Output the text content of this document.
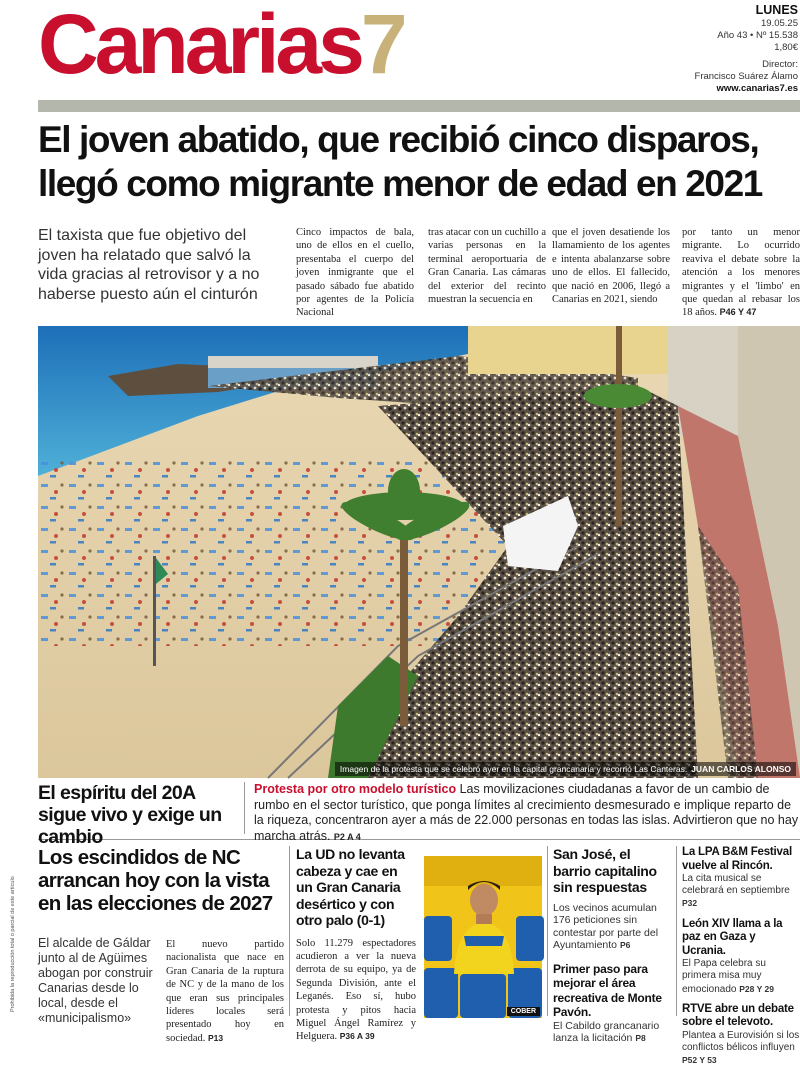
Canarias7	LUNES
19.05.25
Año 43 • Nº 15.538
1,80€
Director:
Francisco Suárez Álamo
www.canarias7.es
El joven abatido, que recibió cinco disparos, llegó como migrante menor de edad en 2021
El taxista que fue objetivo del joven ha relatado que salvó la vida gracias al retrovisor y a no haberse puesto aún el cinturón
Cinco impactos de bala, uno de ellos en el cuello, presentaba el cuerpo del joven inmigrante que el pasado sábado fue abatido por agentes de la Policía Nacional
tras atacar con un cuchillo a varias personas en la terminal aeroportuaria de Gran Canaria. Las cámaras del exterior del recinto muestran la secuencia en
que el joven desatiende los llamamiento de los agentes e intenta abalanzarse sobre uno de ellos. El fallecido, que nació en 2006, llegó a Canarias en 2021, siendo
por tanto un menor migrante. Lo ocurrido reaviva el debate sobre la atención a los menores migrantes y el 'limbo' en que quedan al rebasar los 18 años. P46 Y 47
Imagen de la protesta que se celebró ayer en la capital grancanaria y recorrió Las Canteras. JUAN CARLOS ALONSO
El espíritu del 20A sigue vivo y exige un cambio
Protesta por otro modelo turístico Las movilizaciones ciudadanas a favor de un cambio de rumbo en el sector turístico, que ponga límites al crecimiento desmesurado e implique reparto de la riqueza, concentraron ayer a más de 22.000 personas en todas las islas. Advirtieron que no hay marcha atrás. P2 A 4
Los escindidos de NC arrancan hoy con la vista en las elecciones de 2027
El alcalde de Gáldar junto al de Agüimes abogan por construir Canarias desde lo local, desde el «municipalismo»
El nuevo partido nacionalista que nace en Gran Canaria de la ruptura de NC y de la mano de los que eran sus principales líderes locales será presentado hoy en sociedad. P13
La UD no levanta cabeza y cae en un Gran Canaria desértico y con otro palo (0-1)
Solo 11.279 espectadores acudieron a ver la nueva derrota de su equipo, ya de Segunda División, ante el Leganés. Eso sí, hubo protesta y pitos hacia Miguel Ángel Ramírez y Helguera. P36 A 39
COBER
San José, el barrio capitalino sin respuestas
Los vecinos acumulan 176 peticiones sin contestar por parte del Ayuntamiento P6
Primer paso para mejorar el área recreativa de Monte Pavón.
El Cabildo grancanario lanza la licitación P8
La LPA B&M Festival vuelve al Rincón.
La cita musical se celebrará en septiembre P32
León XIV llama a la paz en Gaza y Ucrania.
El Papa celebra su primera misa muy emocionado P28 Y 29
RTVE abre un debate sobre el televoto.
Plantea a Eurovisión si los conflictos bélicos influyen P52 Y 53
Prohibida la reproducción total o parcial de este artículo
